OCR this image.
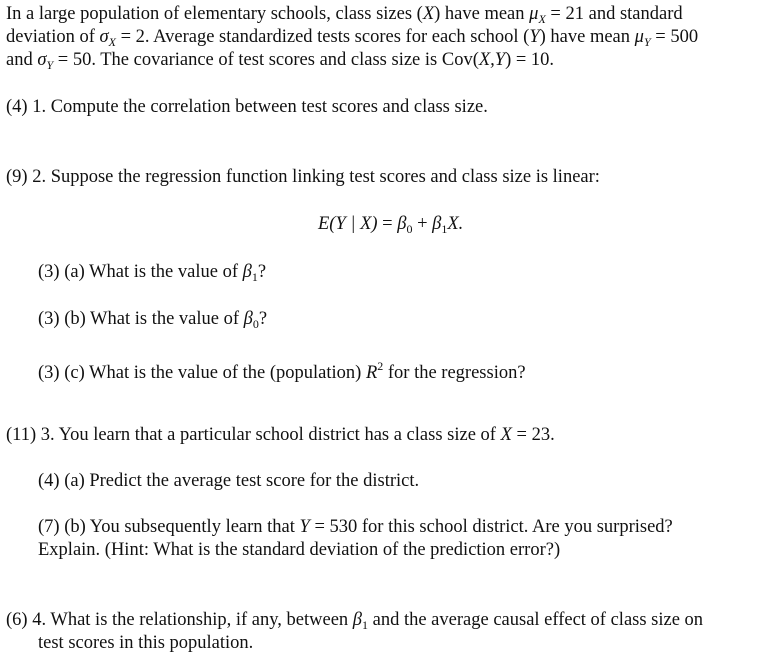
In a large population of elementary schools, class sizes (X) have mean $\mu_X = 21$ and standard
deviation of $\sigma_X = 2$. Average standardized tests scores for each school (Y) have mean $\mu_Y = 500$
and $\sigma_Y = 50$. The covariance of test scores and class size is Cov(X,Y) = 10.
(4) 1. Compute the correlation between test scores and class size.
(9) 2. Suppose the regression function linking test scores and class size is linear:
E(Y | $X) = \beta_0 + \beta_1X$.
(3) (a) What is the value of $\beta_1$?
(3) (b) What is the value of $\beta_0$?
(3) (c) What is the value of the (population) $R^2$ for the regression?
(11) 3. You learn that a particular school district has a class size of X = 23.
(4) (a) Predict the average test score for the district.
(7) (b) You subsequently learn that Y = 530 for this school district. Are you surprised?
Explain. (Hint: What is the standard deviation of the prediction error?)
(6) 4. What is the relationship, if any, between $\beta_1$ and the average causal effect of class size on
test scores in this population.
